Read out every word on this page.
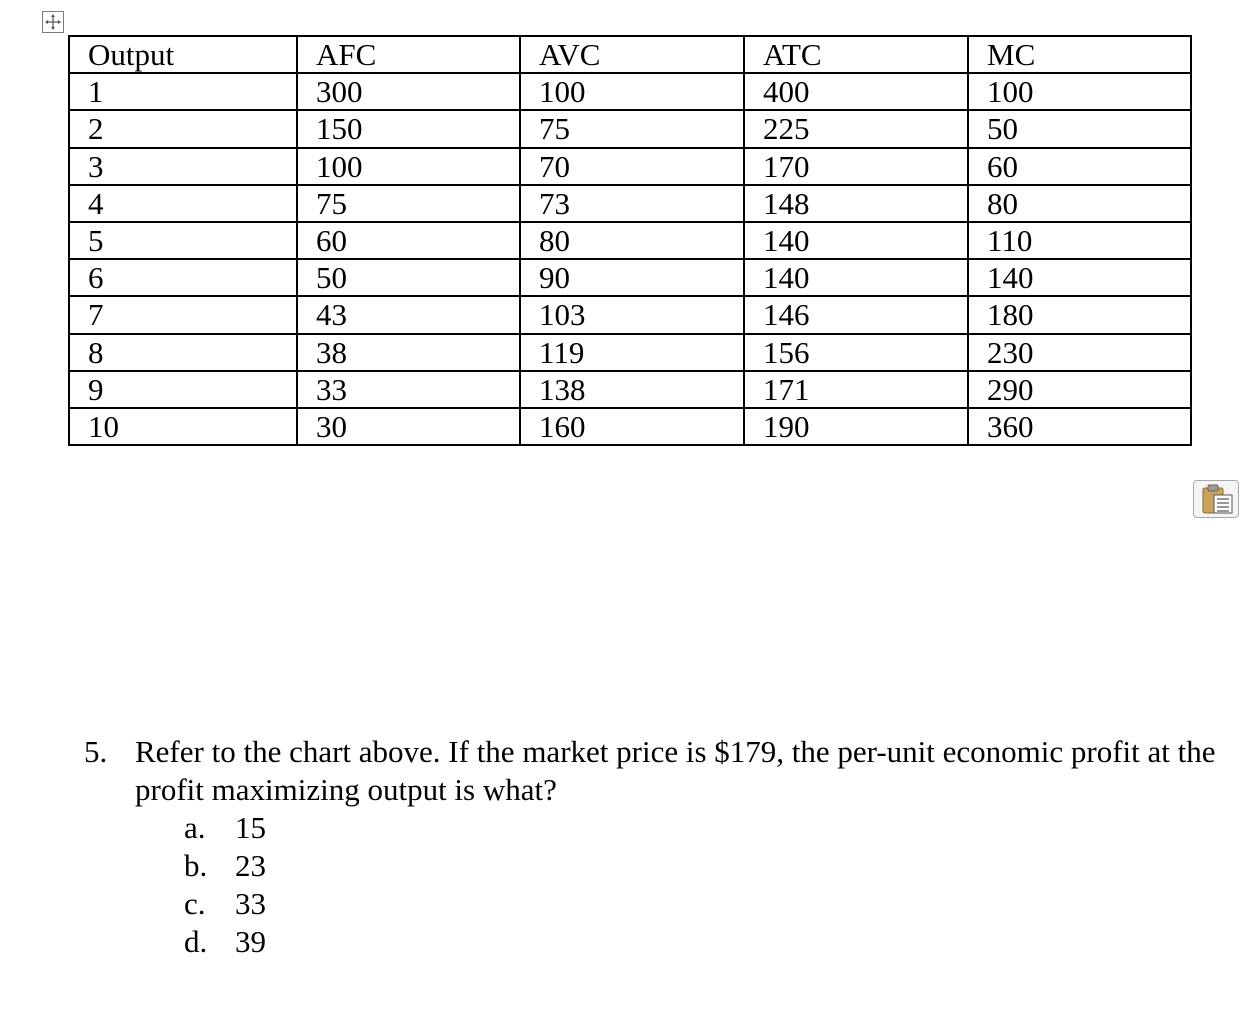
Output	AFC	AVC	ATC	MC
1	300	100	400	100
2	150	75	225	50
3	100	70	170	60
4	75	73	148	80
5	60	80	140	110
6	50	90	140	140
7	43	103	146	180
8	38	119	156	230
9	33	138	171	290
10	30	160	190	360
5. Refer to the chart above. If the market price is $179, the per-unit economic profit at the profit maximizing output is what?
a. 15
b. 23
c. 33
d. 39
